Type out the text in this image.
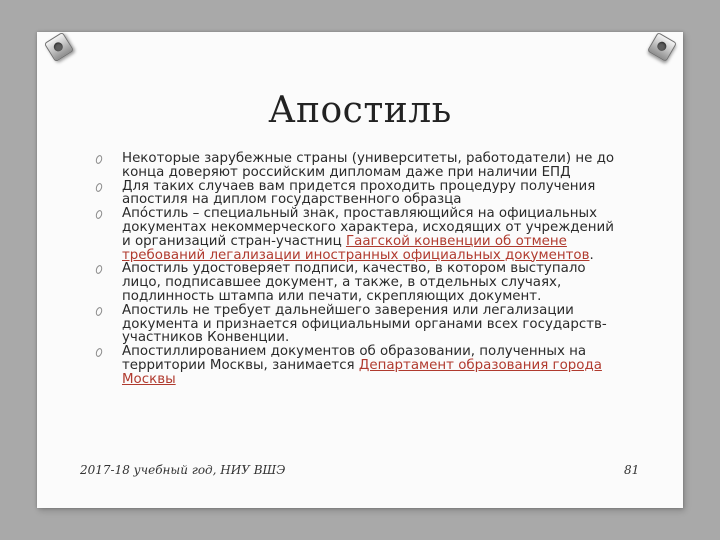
Апостиль
Некоторые зарубежные страны (университеты, работодатели) не до конца доверяют российским дипломам даже при наличии ЕПД
Для таких случаев вам придется проходить процедуру получения апостиля на диплом государственного образца
Апо́стиль – специальный знак, проставляющийся на официальных документах некоммерческого характера, исходящих от учреждений и организаций стран-участниц Гаагской конвенции об отмене требований легализации иностранных официальных документов.
Апостиль удостоверяет подписи, качество, в котором выступало лицо, подписавшее документ, а также, в отдельных случаях, подлинность штампа или печати, скрепляющих документ.
Апостиль не требует дальнейшего заверения или легализации документа и признается официальными органами всех государств-участников Конвенции.
Апостиллированием документов об образовании, полученных на территории Москвы, занимается Департамент образования города Москвы
2017-18 учебный год, НИУ ВШЭ	81
